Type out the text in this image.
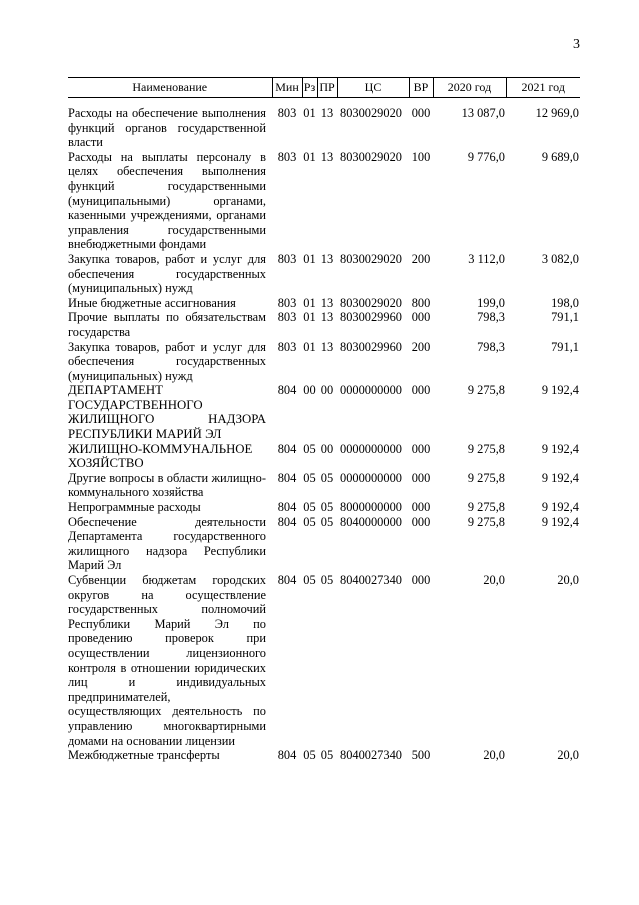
3
Наименование	Мин	Рз	ПР	ЦС	ВР	2020 год	2021 год
Расходы на обеспечение выполнения функций органов государственной власти	803	01	13	8030029020	000	13 087,0	12 969,0
Расходы на выплаты персоналу в целях обеспечения выполнения функций государственными (муниципальными) органами, казенными учреждениями, органами управления государственными внебюджетными фондами	803	01	13	8030029020	100	9 776,0	9 689,0
Закупка товаров, работ и услуг для обеспечения государственных (муниципальных) нужд	803	01	13	8030029020	200	3 112,0	3 082,0
Иные бюджетные ассигнования	803	01	13	8030029020	800	199,0	198,0
Прочие выплаты по обязательствам государства	803	01	13	8030029960	000	798,3	791,1
Закупка товаров, работ и услуг для обеспечения государственных (муниципальных) нужд	803	01	13	8030029960	200	798,3	791,1
ДЕПАРТАМЕНТ ГОСУДАРСТВЕННОГО ЖИЛИЩНОГО НАДЗОРА РЕСПУБЛИКИ МАРИЙ ЭЛ	804	00	00	0000000000	000	9 275,8	9 192,4
ЖИЛИЩНО-КОММУНАЛЬНОЕ ХОЗЯЙСТВО	804	05	00	0000000000	000	9 275,8	9 192,4
Другие вопросы в области жилищно-коммунального хозяйства	804	05	05	0000000000	000	9 275,8	9 192,4
Непрограммные расходы	804	05	05	8000000000	000	9 275,8	9 192,4
Обеспечение деятельности Департамента государственного жилищного надзора Республики Марий Эл	804	05	05	8040000000	000	9 275,8	9 192,4
Субвенции бюджетам городских округов на осуществление государственных полномочий Республики Марий Эл по проведению проверок при осуществлении лицензионного контроля в отношении юридических лиц и индивидуальных предпринимателей, осуществляющих деятельность по управлению многоквартирными домами на основании лицензии	804	05	05	8040027340	000	20,0	20,0
Межбюджетные трансферты	804	05	05	8040027340	500	20,0	20,0
